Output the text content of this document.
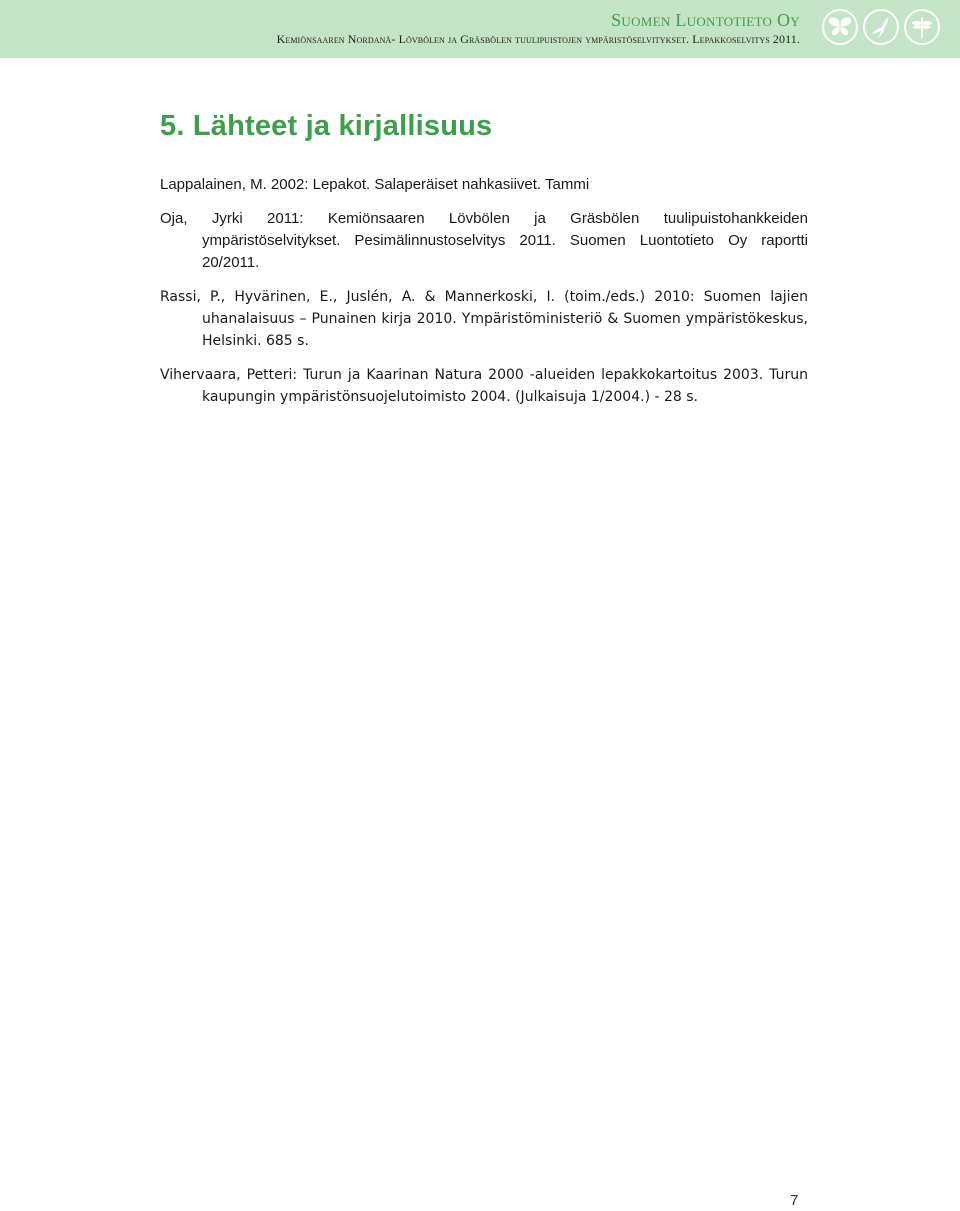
Suomen Luontotieto Oy
Kemiönsaaren Nordanå- Lövbölen ja Gräsbölen tuulipuistojen ympäristöselvitykset. Lepakkoselvitys 2011.
5. Lähteet ja kirjallisuus
Lappalainen, M. 2002: Lepakot. Salaperäiset nahkasiivet. Tammi
Oja, Jyrki 2011: Kemiönsaaren Lövbölen ja Gräsbölen tuulipuistohankkeiden ympäristöselvitykset. Pesimälinnustoselvitys 2011. Suomen Luontotieto Oy raportti 20/2011.
Rassi, P., Hyvärinen, E., Juslén, A. & Mannerkoski, I. (toim./eds.) 2010: Suomen lajien uhanalaisuus – Punainen kirja 2010. Ympäristöministeriö & Suomen ympäristökeskus, Helsinki. 685 s.
Vihervaara, Petteri: Turun ja Kaarinan Natura 2000 -alueiden lepakkokartoitus 2003. Turun kaupungin ympäristönsuojelutoimisto 2004. (Julkaisuja 1/2004.) - 28 s.
7
